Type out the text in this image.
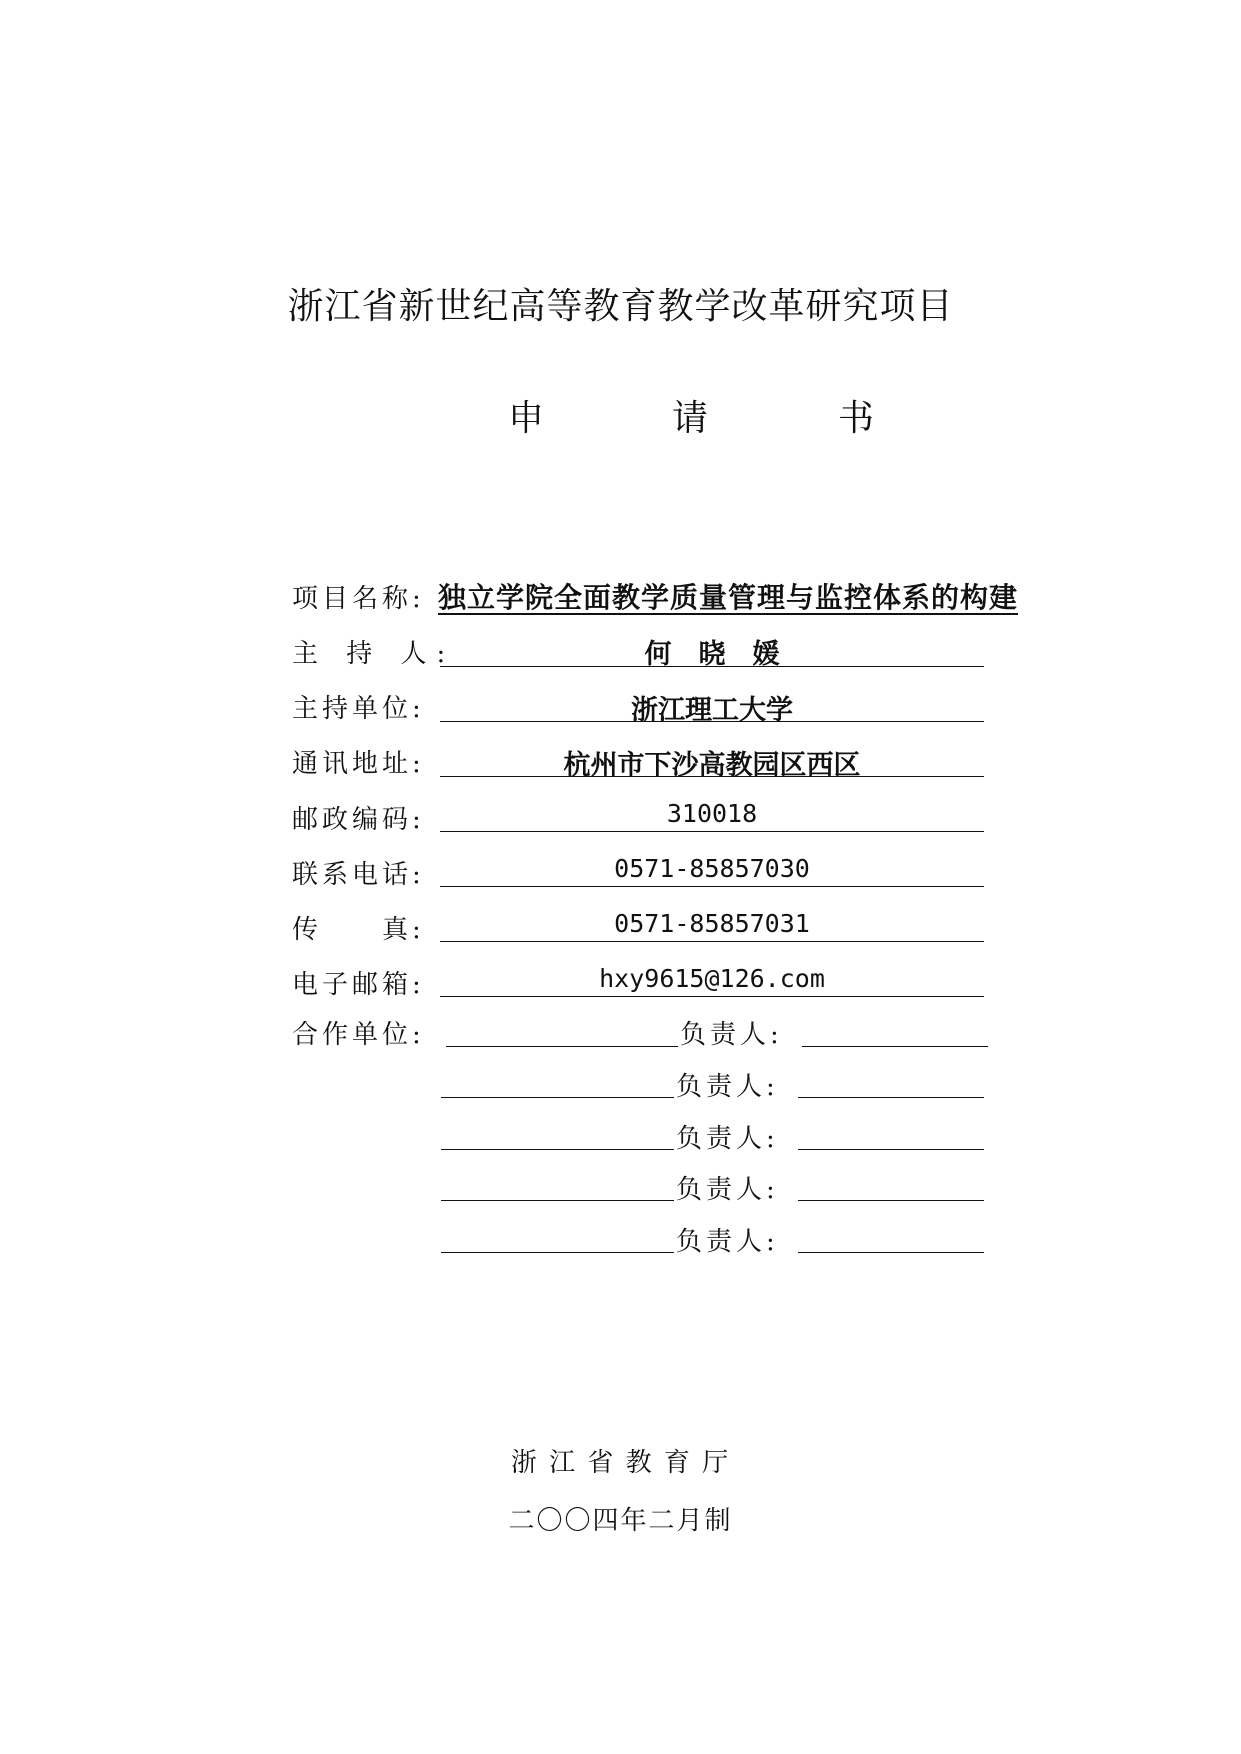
浙江省新世纪高等教育教学改革研究项目
申	请	书
项目名称: 独立学院全面教学质量管理与监控体系的构建
主 持 人:	何　晓　媛
主持单位:	浙江理工大学
通讯地址:	杭州市下沙高教园区西区
邮政编码:	310018
联系电话:	0571-85857030
传　　真:	0571-85857031
电子邮箱:	hxy9615@126.com
合作单位:	负责人:
负责人:
负责人:
负责人:
负责人:
浙 江 省 教 育 厅
二〇〇四年二月制
